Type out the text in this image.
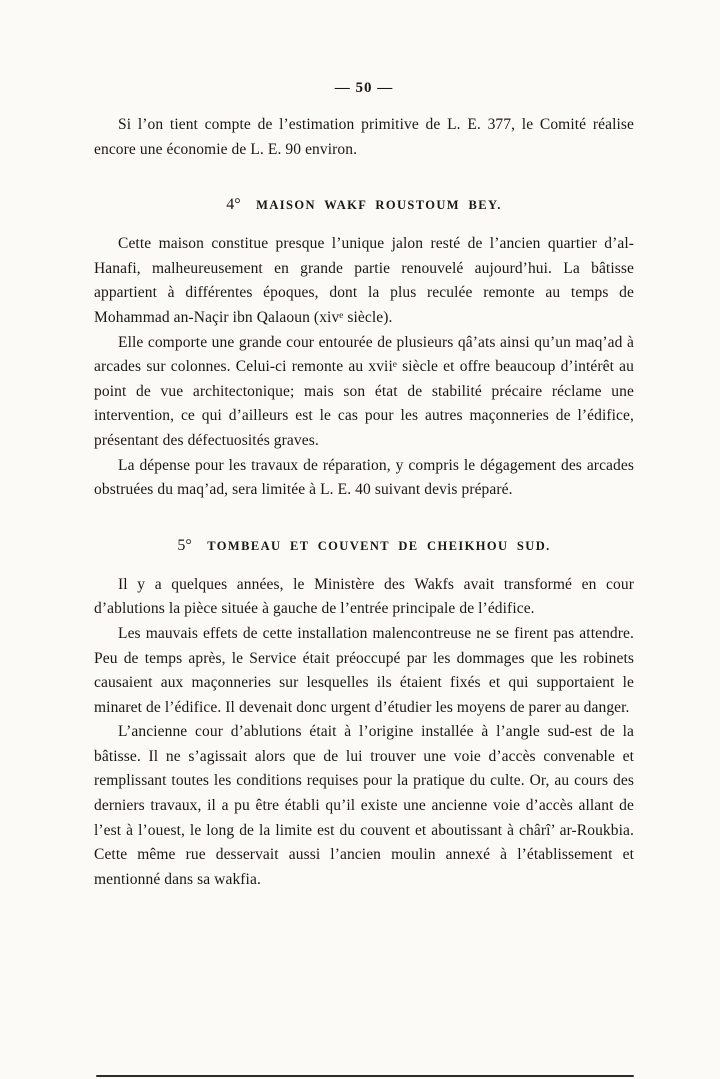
— 50 —

Si l’on tient compte de l’estimation primitive de L. E. 377, le Comité réalise encore une économie de L. E. 90 environ.

4° MAISON WAKF ROUSTOUM BEY.

Cette maison constitue presque l’unique jalon resté de l’ancien quartier d’al-Hanafi, malheureusement en grande partie renouvelé aujourd’hui. La bâtisse appartient à différentes époques, dont la plus reculée remonte au temps de Mohammad an-Naçir ibn Qalaoun (xivᵉ siècle).

Elle comporte une grande cour entourée de plusieurs qâ’ats ainsi qu’un maq’ad à arcades sur colonnes. Celui-ci remonte au xviiᵉ siècle et offre beaucoup d’intérêt au point de vue architectonique; mais son état de stabilité précaire réclame une intervention, ce qui d’ailleurs est le cas pour les autres maçonneries de l’édifice, présentant des défectuosités graves.

La dépense pour les travaux de réparation, y compris le dégagement des arcades obstruées du maq’ad, sera limitée à L. E. 40 suivant devis préparé.

5° TOMBEAU ET COUVENT DE CHEIKHOU SUD.

Il y a quelques années, le Ministère des Wakfs avait transformé en cour d’ablutions la pièce située à gauche de l’entrée principale de l’édifice.

Les mauvais effets de cette installation malencontreuse ne se firent pas attendre. Peu de temps après, le Service était préoccupé par les dommages que les robinets causaient aux maçonneries sur lesquelles ils étaient fixés et qui supportaient le minaret de l’édifice. Il devenait donc urgent d’étudier les moyens de parer au danger.

L’ancienne cour d’ablutions était à l’origine installée à l’angle sud-est de la bâtisse. Il ne s’agissait alors que de lui trouver une voie d’accès convenable et remplissant toutes les conditions requises pour la pratique du culte. Or, au cours des derniers travaux, il a pu être établi qu’il existe une ancienne voie d’accès allant de l’est à l’ouest, le long de la limite est du couvent et aboutissant à chârî’ ar-Roukbia. Cette même rue desservait aussi l’ancien moulin annexé à l’établissement et mentionné dans sa wakfia.
